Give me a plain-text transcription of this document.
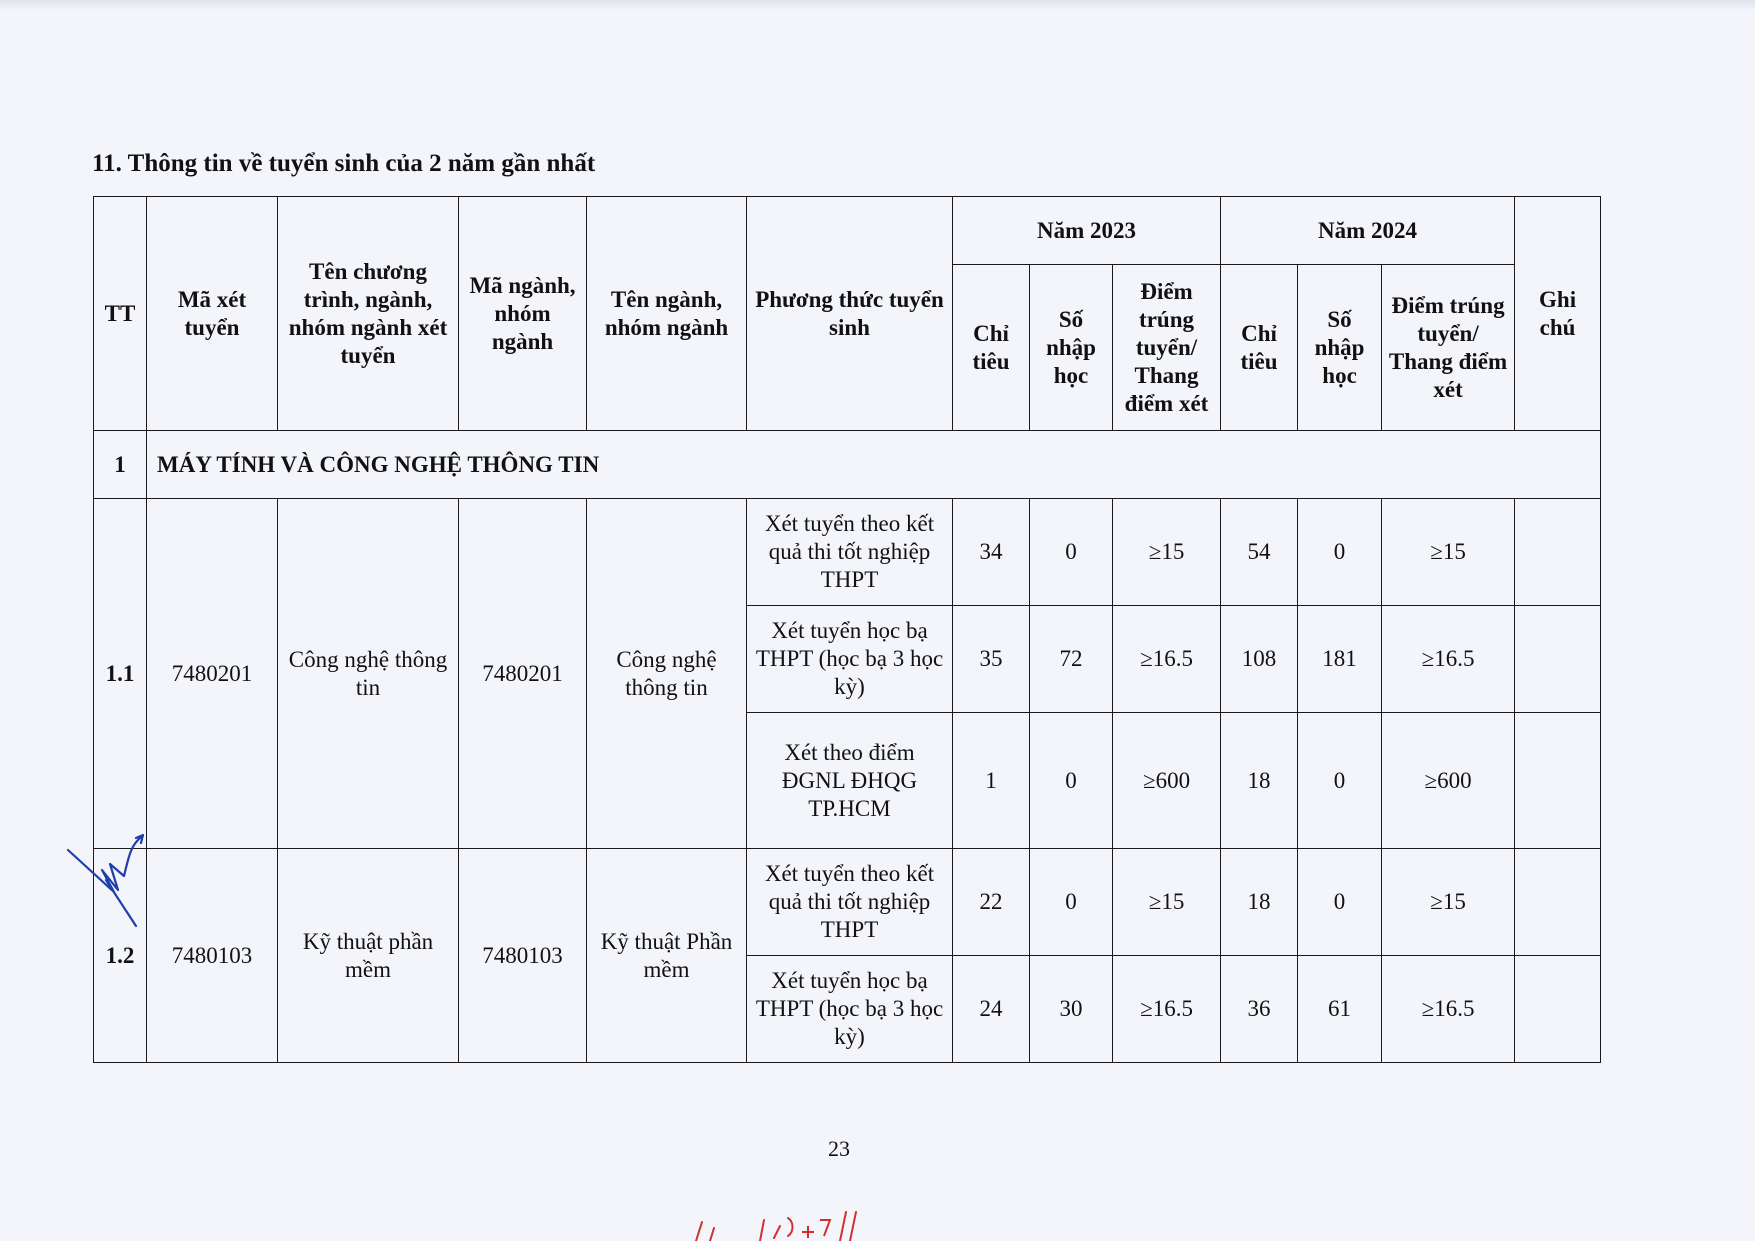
11. Thông tin về tuyển sinh của 2 năm gần nhất
TT	Mã xét tuyển	Tên chương trình, ngành, nhóm ngành xét tuyển	Mã ngành, nhóm ngành	Tên ngành, nhóm ngành	Phương thức tuyển sinh	Năm 2023			Năm 2024			Ghi chú
						Chỉ tiêu	Số nhập học	Điểm trúng tuyển/ Thang điểm xét	Chỉ tiêu	Số nhập học	Điểm trúng tuyển/ Thang điểm xét	
1	MÁY TÍNH VÀ CÔNG NGHỆ THÔNG TIN											
1.1	7480201	Công nghệ thông tin	7480201	Công nghệ thông tin	Xét tuyển theo kết quả thi tốt nghiệp THPT	34	0	≥15	54	0	≥15	
					Xét tuyển học bạ THPT (học bạ 3 học kỳ)	35	72	≥16.5	108	181	≥16.5	
					Xét theo điểm ĐGNL ĐHQG TP.HCM	1	0	≥600	18	0	≥600	
1.2	7480103	Kỹ thuật phần mềm	7480103	Kỹ thuật Phần mềm	Xét tuyển theo kết quả thi tốt nghiệp THPT	22	0	≥15	18	0	≥15	
					Xét tuyển học bạ THPT (học bạ 3 học kỳ)	24	30	≥16.5	36	61	≥16.5	
23
